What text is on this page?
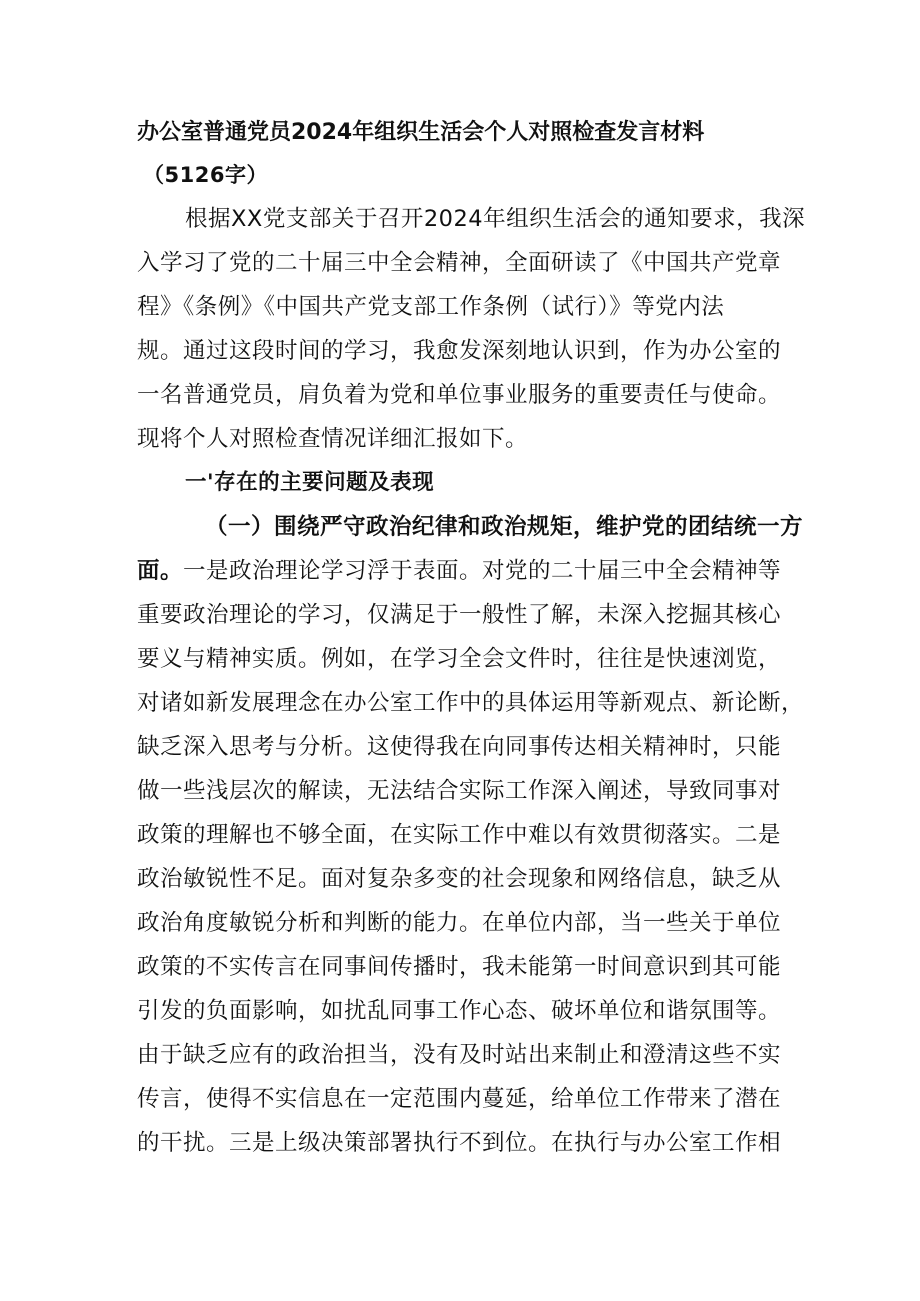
办公室普通党员2024年组织生活会个人对照检查发言材料
（5126字）
根据XX党支部关于召开2024年组织生活会的通知要求，我深
入学习了党的二十届三中全会精神，全面研读了《中国共产党章
程》《条例》《中国共产党支部工作条例（试行）》等党内法
规。通过这段时间的学习，我愈发深刻地认识到，作为办公室的
一名普通党员，肩负着为党和单位事业服务的重要责任与使命。
现将个人对照检查情况详细汇报如下。
一'存在的主要问题及表现
（一）围绕严守政治纪律和政治规矩，维护党的团结统一方
面。一是政治理论学习浮于表面。对党的二十届三中全会精神等
重要政治理论的学习，仅满足于一般性了解，未深入挖掘其核心
要义与精神实质。例如，在学习全会文件时，往往是快速浏览，
对诸如新发展理念在办公室工作中的具体运用等新观点、新论断，
缺乏深入思考与分析。这使得我在向同事传达相关精神时，只能
做一些浅层次的解读，无法结合实际工作深入阐述，导致同事对
政策的理解也不够全面，在实际工作中难以有效贯彻落实。二是
政治敏锐性不足。面对复杂多变的社会现象和网络信息，缺乏从
政治角度敏锐分析和判断的能力。在单位内部，当一些关于单位
政策的不实传言在同事间传播时，我未能第一时间意识到其可能
引发的负面影响，如扰乱同事工作心态、破坏单位和谐氛围等。
由于缺乏应有的政治担当，没有及时站出来制止和澄清这些不实
传言，使得不实信息在一定范围内蔓延，给单位工作带来了潜在
的干扰。三是上级决策部署执行不到位。在执行与办公室工作相
